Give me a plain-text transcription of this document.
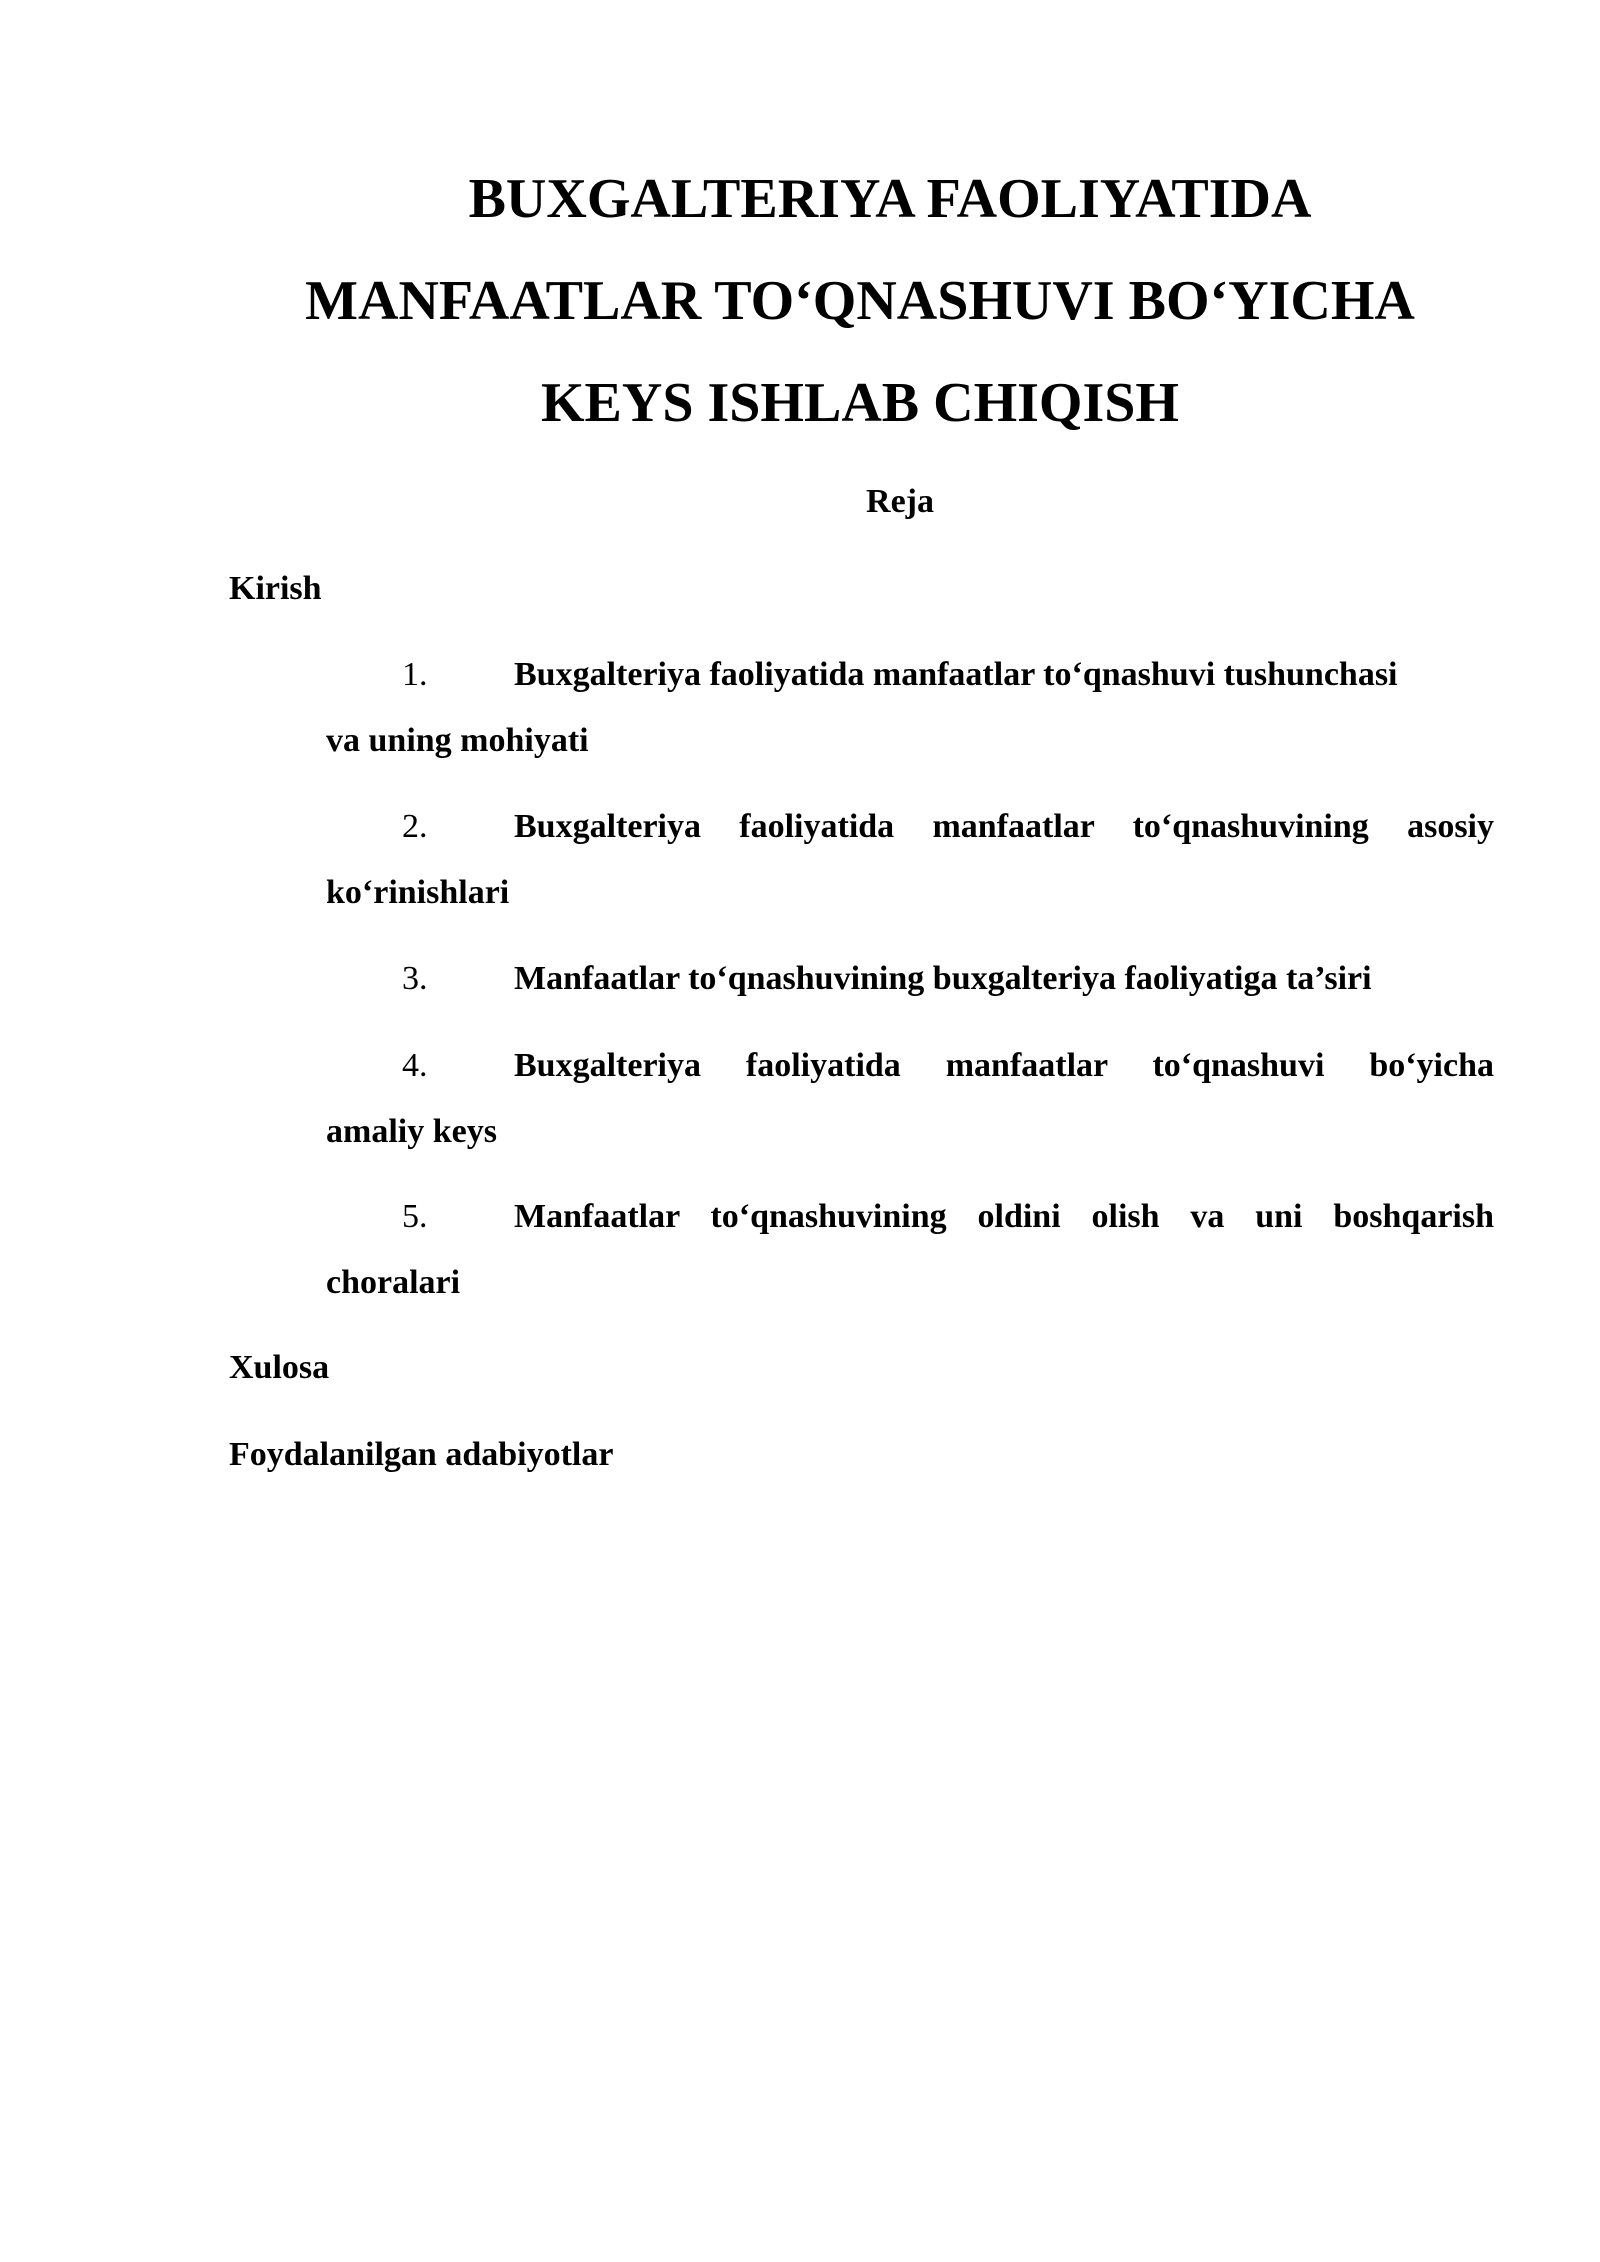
BUXGALTERIYA FAOLIYATIDA
MANFAATLAR TO‘QNASHUVI BO‘YICHA
KEYS ISHLAB CHIQISH
Reja
Kirish
1.	Buxgalteriya faoliyatida manfaatlar to‘qnashuvi tushunchasi
va uning mohiyati
2.	Buxgalteriya faoliyatida manfaatlar to‘qnashuvining asosiy
ko‘rinishlari
3.	Manfaatlar to‘qnashuvining buxgalteriya faoliyatiga ta’siri
4.	Buxgalteriya faoliyatida manfaatlar to‘qnashuvi bo‘yicha
amaliy keys
5.	Manfaatlar to‘qnashuvining oldini olish va uni boshqarish
choralari
Xulosa
Foydalanilgan adabiyotlar
